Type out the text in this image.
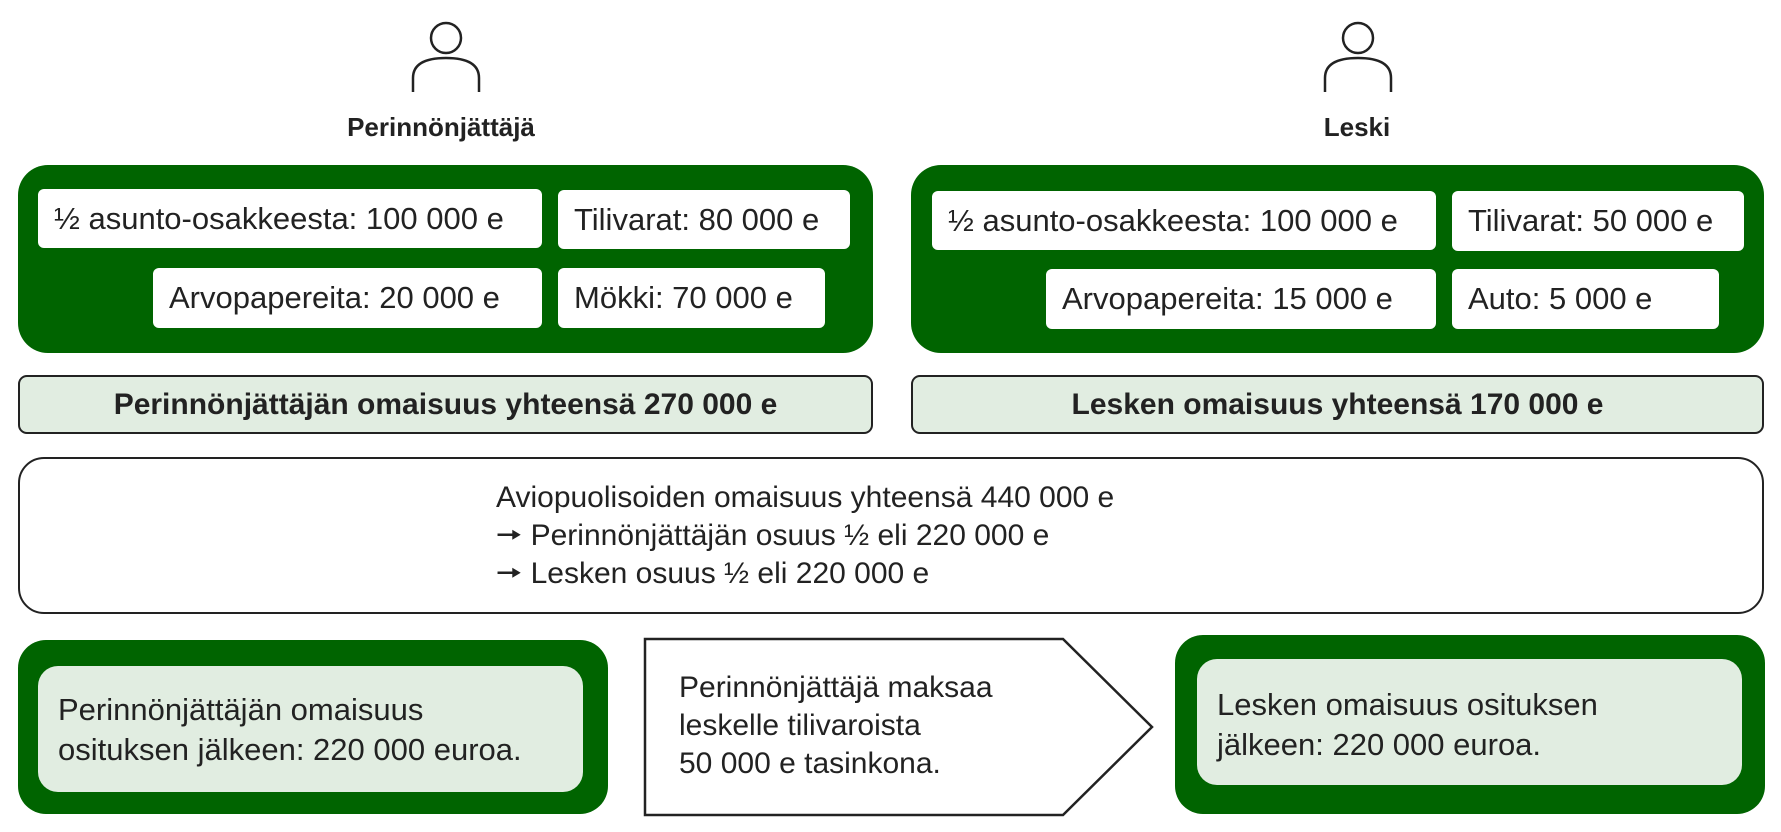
Perinnönjättäjä	Leski
½ asunto-osakkeesta: 100 000 e	Tilivarat: 80 000 e
Arvopapereita: 20 000 e	Mökki: 70 000 e
½ asunto-osakkeesta: 100 000 e	Tilivarat: 50 000 e
Arvopapereita: 15 000 e	Auto: 5 000 e
Perinnönjättäjän omaisuus yhteensä 270 000 e	Lesken omaisuus yhteensä 170 000 e
Aviopuolisoiden omaisuus yhteensä 440 000 e
🠖 Perinnönjättäjän osuus ½ eli 220 000 e
🠖 Lesken osuus ½ eli 220 000 e
Perinnönjättäjän omaisuus
osituksen jälkeen: 220 000 euroa.
Perinnönjättäjä maksaa
leskelle tilivaroista
50 000 e tasinkona.
Lesken omaisuus osituksen
jälkeen: 220 000 euroa.
